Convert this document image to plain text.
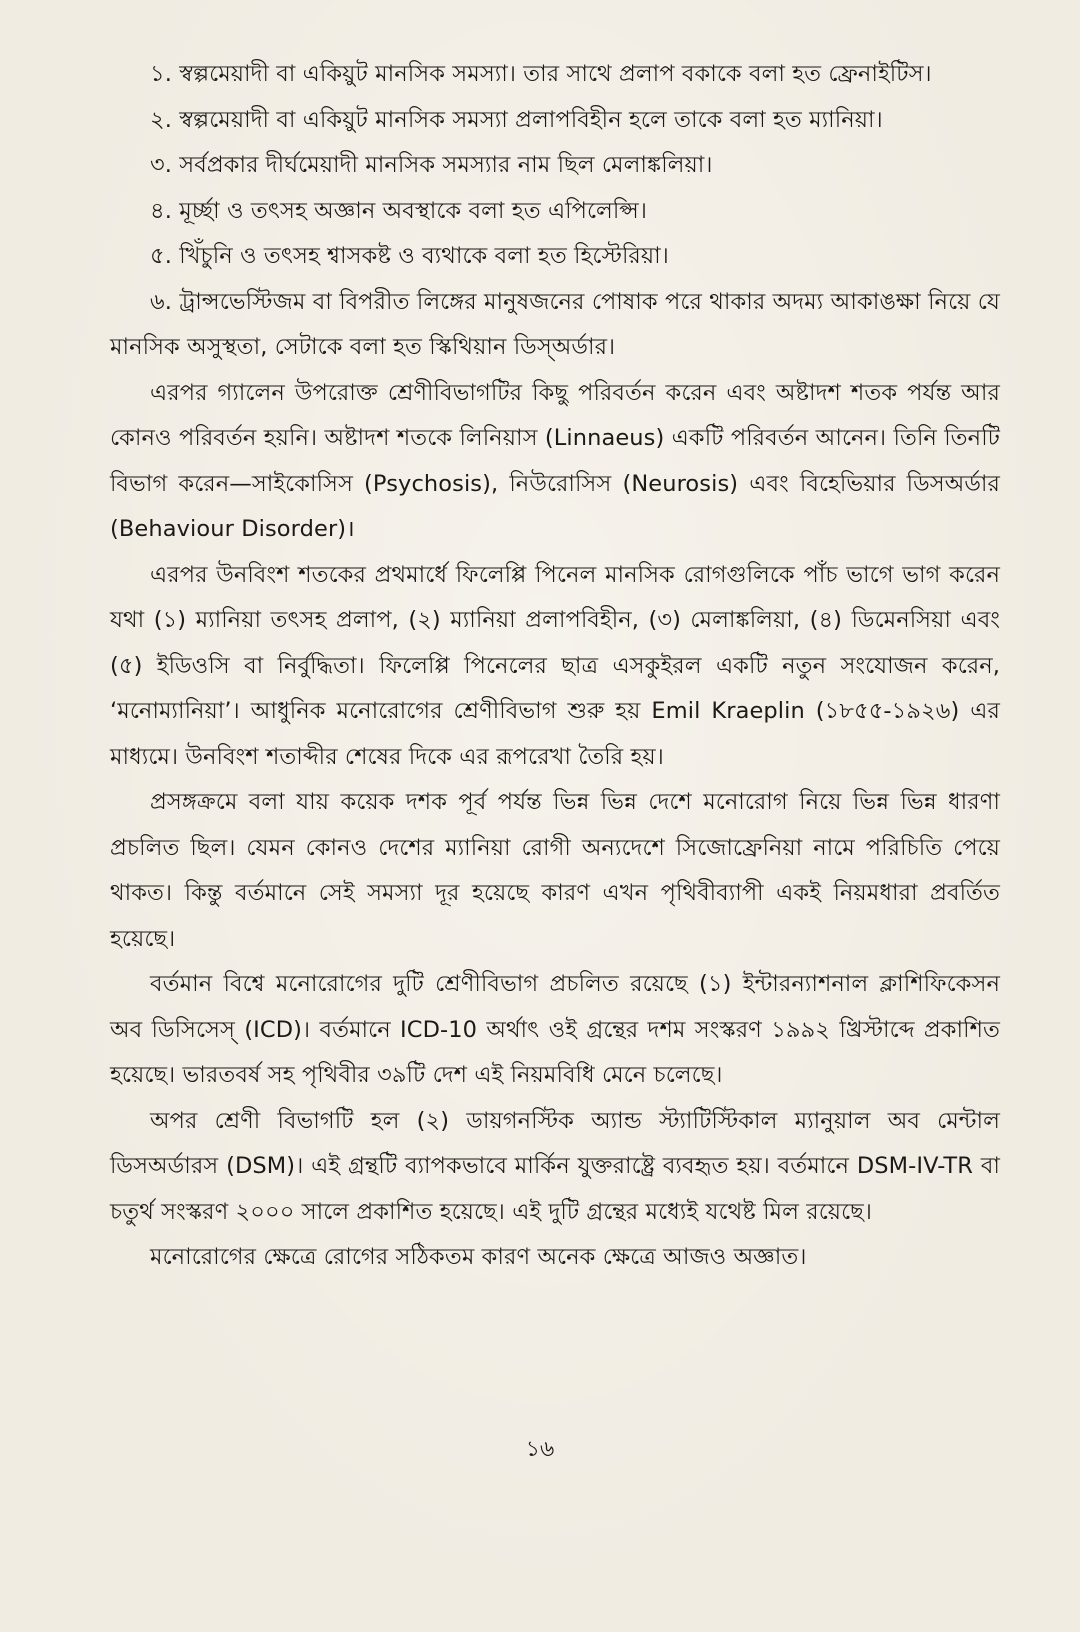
১. স্বল্পমেয়াদী বা একিয়ুট মানসিক সমস্যা। তার সাথে প্রলাপ বকাকে বলা হত ফ্রেনাইটিস।

২. স্বল্পমেয়াদী বা একিয়ুট মানসিক সমস্যা প্রলাপবিহীন হলে তাকে বলা হত ম্যানিয়া।

৩. সর্বপ্রকার দীর্ঘমেয়াদী মানসিক সমস্যার নাম ছিল মেলাঙ্কলিয়া।

৪. মূর্চ্ছা ও তৎসহ অজ্ঞান অবস্থাকে বলা হত এপিলেপ্সি।

৫. খিঁচুনি ও তৎসহ শ্বাসকষ্ট ও ব্যথাকে বলা হত হিস্টেরিয়া।

৬. ট্রান্সভেস্টিজম বা বিপরীত লিঙ্গের মানুষজনের পোষাক পরে থাকার অদম্য আকাঙক্ষা নিয়ে যে মানসিক অসুস্থতা, সেটাকে বলা হত স্কিথিয়ান ডিস্‌অর্ডার।

এরপর গ্যালেন উপরোক্ত শ্রেণীবিভাগটির কিছু পরিবর্তন করেন এবং অষ্টাদশ শতক পর্যন্ত আর কোনও পরিবর্তন হয়নি। অষ্টাদশ শতকে লিনিয়াস (Linnaeus) একটি পরিবর্তন আনেন। তিনি তিনটি বিভাগ করেন—সাইকোসিস (Psychosis), নিউরোসিস (Neurosis) এবং বিহেভিয়ার ডিসঅর্ডার (Behaviour Disorder)।

এরপর উনবিংশ শতকের প্রথমার্ধে ফিলেপ্পি পিনেল মানসিক রোগগুলিকে পাঁচ ভাগে ভাগ করেন যথা (১) ম্যানিয়া তৎসহ প্রলাপ, (২) ম্যানিয়া প্রলাপবিহীন, (৩) মেলাঙ্কলিয়া, (৪) ডিমেনসিয়া এবং (৫) ইডিওসি বা নির্বুদ্ধিতা। ফিলেপ্পি পিনেলের ছাত্র এসকুইরল একটি নতুন সংযোজন করেন, ‘মনোম্যানিয়া’। আধুনিক মনোরোগের শ্রেণীবিভাগ শুরু হয় Emil Kraeplin (১৮৫৫-১৯২৬) এর মাধ্যমে। উনবিংশ শতাব্দীর শেষের দিকে এর রূপরেখা তৈরি হয়।

প্রসঙ্গক্রমে বলা যায় কয়েক দশক পূর্ব পর্যন্ত ভিন্ন ভিন্ন দেশে মনোরোগ নিয়ে ভিন্ন ভিন্ন ধারণা প্রচলিত ছিল। যেমন কোনও দেশের ম্যানিয়া রোগী অন্যদেশে সিজোফ্রেনিয়া নামে পরিচিতি পেয়ে থাকত। কিন্তু বর্তমানে সেই সমস্যা দূর হয়েছে কারণ এখন পৃথিবীব্যাপী একই নিয়মধারা প্রবর্তিত হয়েছে।

বর্তমান বিশ্বে মনোরোগের দুটি শ্রেণীবিভাগ প্রচলিত রয়েছে (১) ইন্টারন্যাশনাল ক্লাশিফিকেসন অব ডিসিসেস্ (ICD)। বর্তমানে ICD-10 অর্থাৎ ওই গ্রন্থের দশম সংস্করণ ১৯৯২ খ্রিস্টাব্দে প্রকাশিত হয়েছে। ভারতবর্ষ সহ পৃথিবীর ৩৯টি দেশ এই নিয়মবিধি মেনে চলেছে।

অপর শ্রেণী বিভাগটি হল (২) ডায়গনস্টিক অ্যান্ড স্ট্যাটিস্টিকাল ম্যানুয়াল অব মেন্টাল ডিসঅর্ডারস (DSM)। এই গ্রন্থটি ব্যাপকভাবে মার্কিন যুক্তরাষ্ট্রে ব্যবহৃত হয়। বর্তমানে DSM-IV-TR বা চতুর্থ সংস্করণ ২০০০ সালে প্রকাশিত হয়েছে। এই দুটি গ্রন্থের মধ্যেই যথেষ্ট মিল রয়েছে।

মনোরোগের ক্ষেত্রে রোগের সঠিকতম কারণ অনেক ক্ষেত্রে আজও অজ্ঞাত।

১৬
